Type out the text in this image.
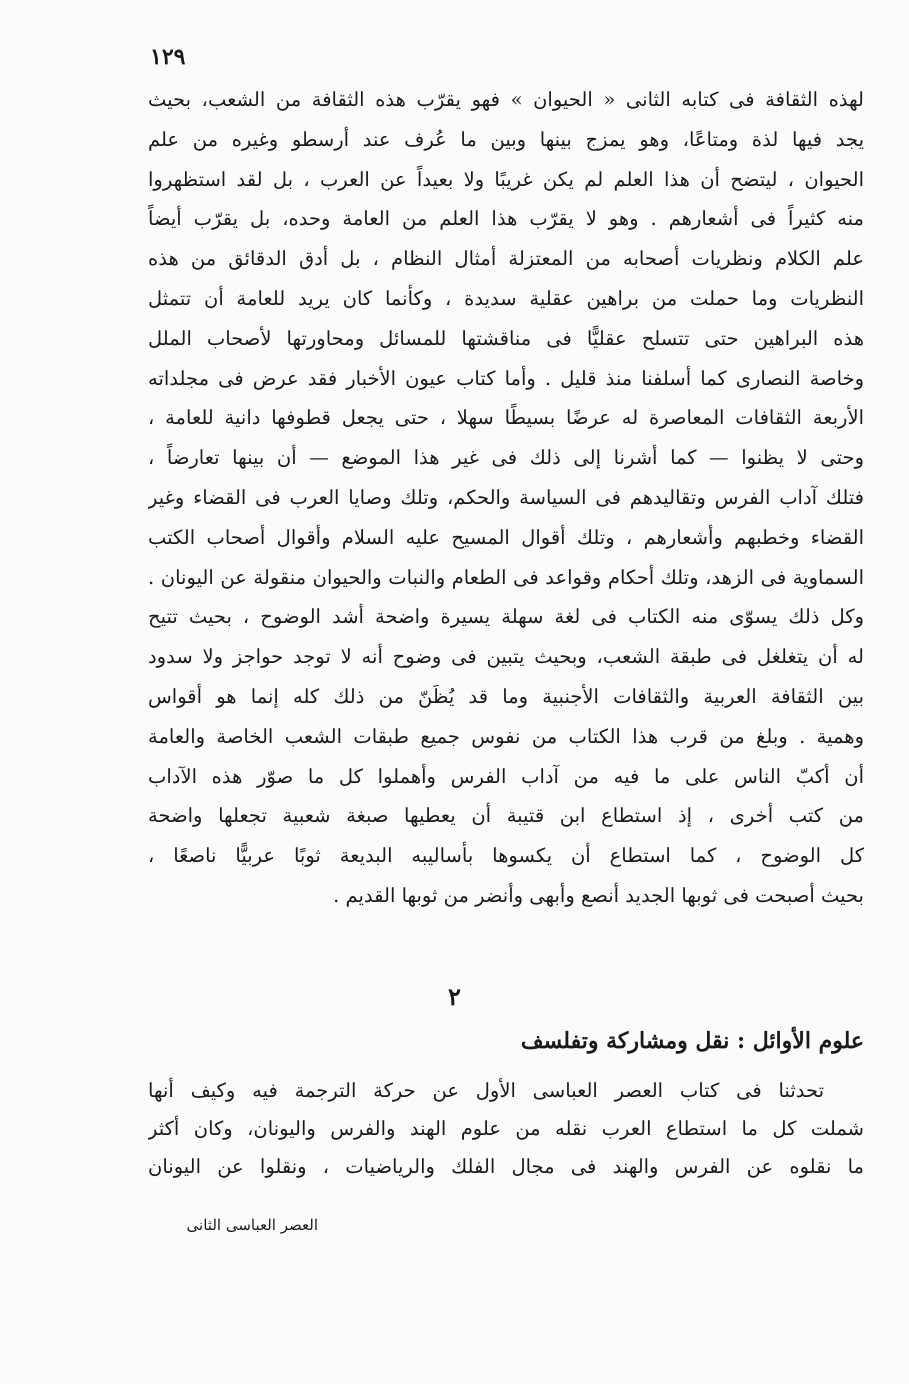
١٢٩
لهذه الثقافة فى كتابه الثانى « الحيوان » فهو يقرّب هذه الثقافة من الشعب، بحيث
يجد فيها لذة ومتاعًا، وهو يمزج بينها وبين ما عُرف عند أرسطو وغيره من علم
الحيوان ، ليتضح أن هذا العلم لم يكن غريبًا ولا بعيداً عن العرب ، بل لقد استظهروا
منه كثيراً فى أشعارهم . وهو لا يقرّب هذا العلم من العامة وحده، بل يقرّب أيضاً
علم الكلام ونظريات أصحابه من المعتزلة أمثال النظام ، بل أدق الدقائق من هذه
النظريات وما حملت من براهين عقلية سديدة ، وكأنما كان يريد للعامة أن تتمثل
هذه البراهين حتى تتسلح عقليًّا فى مناقشتها للمسائل ومحاورتها لأصحاب الملل
وخاصة النصارى كما أسلفنا منذ قليل . وأما كتاب عيون الأخبار فقد عرض فى مجلداته
الأربعة الثقافات المعاصرة له عرضًا بسيطًا سهلا ، حتى يجعل قطوفها دانية للعامة ،
وحتى لا يظنوا — كما أشرنا إلى ذلك فى غير هذا الموضع — أن بينها تعارضاً ،
فتلك آداب الفرس وتقاليدهم فى السياسة والحكم، وتلك وصايا العرب فى القضاء وغير
القضاء وخطبهم وأشعارهم ، وتلك أقوال المسيح عليه السلام وأقوال أصحاب الكتب
السماوية فى الزهد، وتلك أحكام وقواعد فى الطعام والنبات والحيوان منقولة عن اليونان .
وكل ذلك يسوّى منه الكتاب فى لغة سهلة يسيرة واضحة أشد الوضوح ، بحيث تتيح
له أن يتغلغل فى طبقة الشعب، وبحيث يتبين فى وضوح أنه لا توجد حواجز ولا سدود
بين الثقافة العربية والثقافات الأجنبية وما قد يُظَنّ من ذلك كله إنما هو أقواس
وهمية . وبلغ من قرب هذا الكتاب من نفوس جميع طبقات الشعب الخاصة والعامة
أن أكبّ الناس على ما فيه من آداب الفرس وأهملوا كل ما صوّر هذه الآداب
من كتب أخرى ، إذ استطاع ابن قتيبة أن يعطيها صبغة شعبية تجعلها واضحة
كل الوضوح ، كما استطاع أن يكسوها بأساليبه البديعة ثوبًا عربيًّا ناصعًا ،
بحيث أصبحت فى ثوبها الجديد أنصع وأبهى وأنضر من ثوبها القديم .
٢
علوم الأوائل : نقل ومشاركة وتفلسف
تحدثنا فى كتاب العصر العباسى الأول عن حركة الترجمة فيه وكيف أنها
شملت كل ما استطاع العرب نقله من علوم الهند والفرس واليونان، وكان أكثر
ما نقلوه عن الفرس والهند فى مجال الفلك والرياضيات ، ونقلوا عن اليونان
العصر العباسى الثانى
